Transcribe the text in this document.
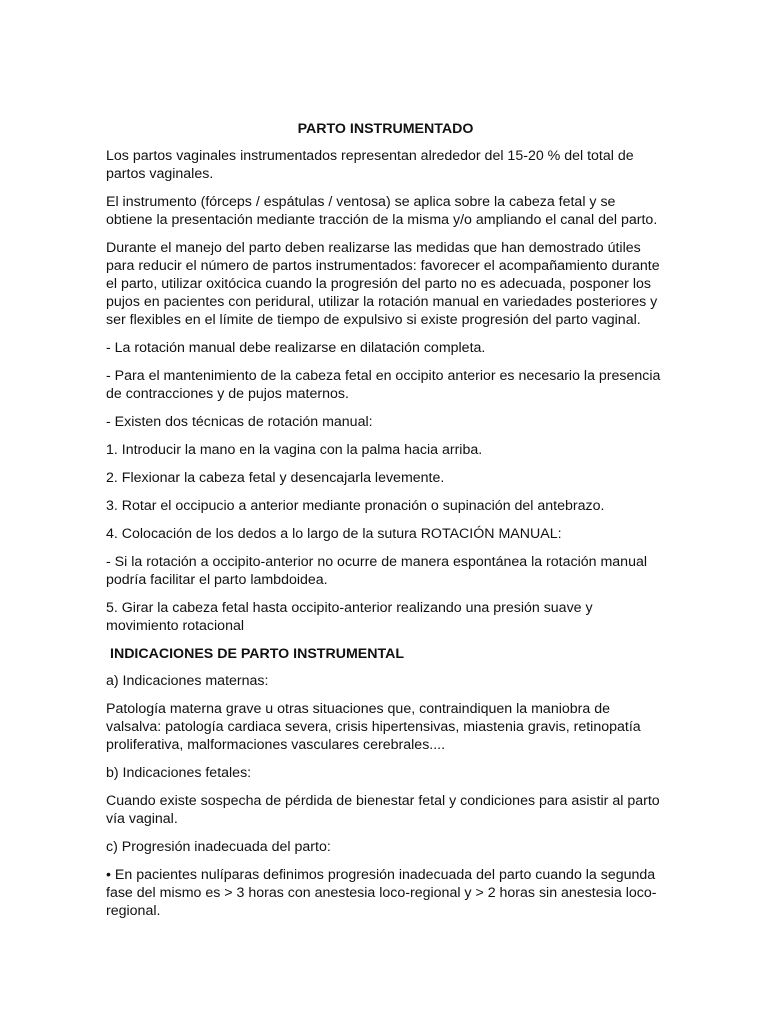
PARTO INSTRUMENTADO

Los partos vaginales instrumentados representan alrededor del 15-20 % del total de partos vaginales.

El instrumento (fórceps / espátulas / ventosa) se aplica sobre la cabeza fetal y se obtiene la presentación mediante tracción de la misma y/o ampliando el canal del parto.

Durante el manejo del parto deben realizarse las medidas que han demostrado útiles para reducir el número de partos instrumentados: favorecer el acompañamiento durante el parto, utilizar oxitócica cuando la progresión del parto no es adecuada, posponer los pujos en pacientes con peridural, utilizar la rotación manual en variedades posteriores y ser flexibles en el límite de tiempo de expulsivo si existe progresión del parto vaginal.

- La rotación manual debe realizarse en dilatación completa.

- Para el mantenimiento de la cabeza fetal en occipito anterior es necesario la presencia de contracciones y de pujos maternos.

- Existen dos técnicas de rotación manual:

1. Introducir la mano en la vagina con la palma hacia arriba.

2. Flexionar la cabeza fetal y desencajarla levemente.

3. Rotar el occipucio a anterior mediante pronación o supinación del antebrazo.

4. Colocación de los dedos a lo largo de la sutura ROTACIÓN MANUAL:

- Si la rotación a occipito-anterior no ocurre de manera espontánea la rotación manual podría facilitar el parto lambdoidea.

5. Girar la cabeza fetal hasta occipito-anterior realizando una presión suave y movimiento rotacional

INDICACIONES DE PARTO INSTRUMENTAL

a) Indicaciones maternas:

Patología materna grave u otras situaciones que, contraindiquen la maniobra de valsalva: patología cardiaca severa, crisis hipertensivas, miastenia gravis, retinopatía proliferativa, malformaciones vasculares cerebrales....

b) Indicaciones fetales:

Cuando existe sospecha de pérdida de bienestar fetal y condiciones para asistir al parto vía vaginal.

c) Progresión inadecuada del parto:

• En pacientes nulíparas definimos progresión inadecuada del parto cuando la segunda fase del mismo es > 3 horas con anestesia loco-regional y > 2 horas sin anestesia loco-regional.
